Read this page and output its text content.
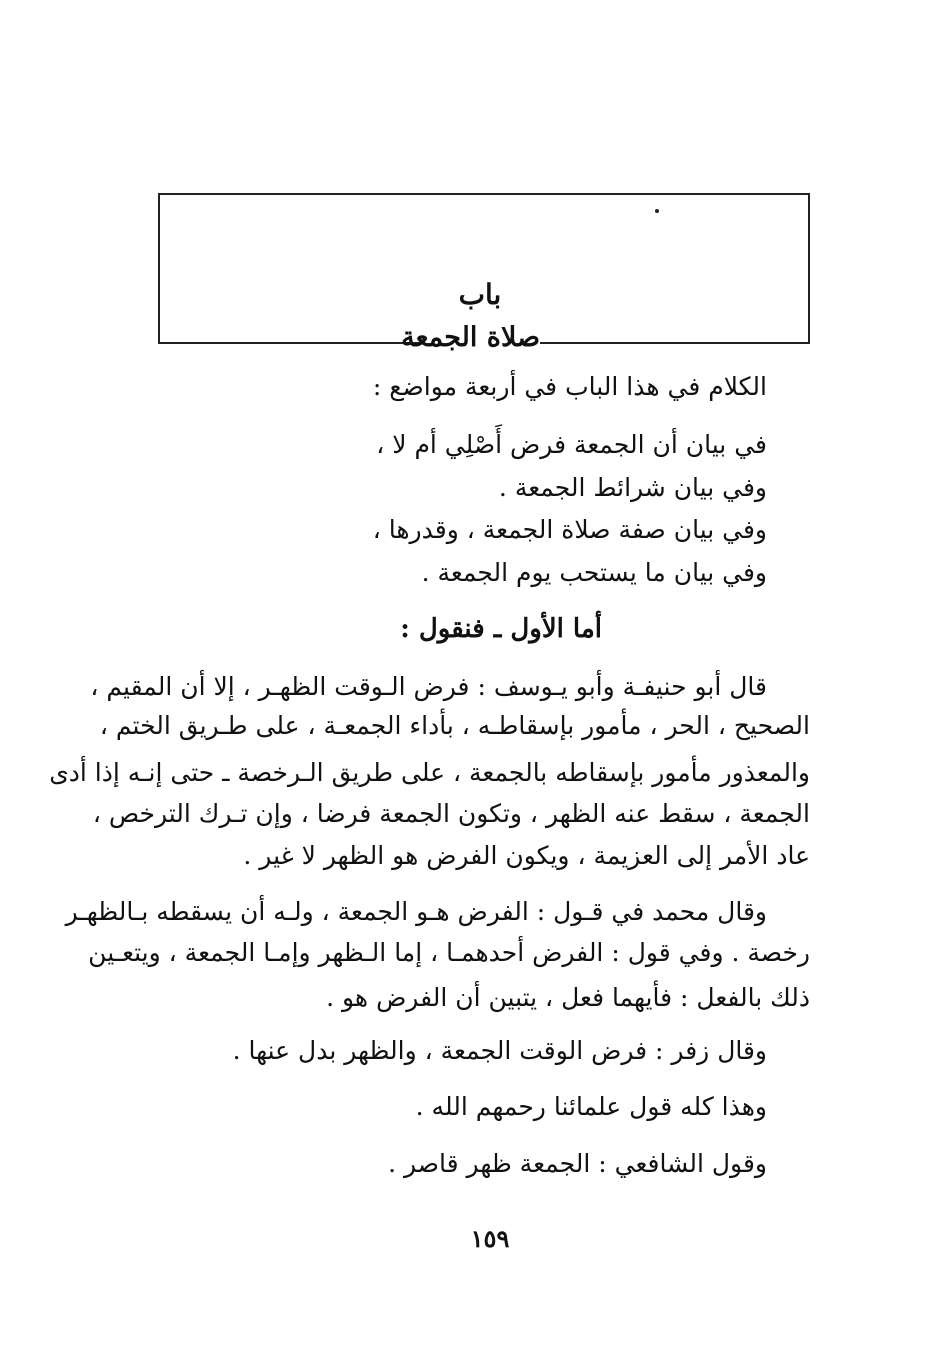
باب
صلاة الجمعة
الكلام في هذا الباب في أربعة مواضع :
في بيان أن الجمعة فرض أَصْلِي أم لا ،
وفي بيان شرائط الجمعة .
وفي بيان صفة صلاة الجمعة ، وقدرها ،
وفي بيان ما يستحب يوم الجمعة .
أما الأول ـ فنقول :
قال أبو حنيفـة وأبو يـوسف : فرض الـوقت الظهـر ، إلا أن المقيم ،
الصحيح ، الحر ، مأمور بإسقاطـه ، بأداء الجمعـة ، على طـريق الختم ،
والمعذور مأمور بإسقاطه بالجمعة ، على طريق الـرخصة ـ حتى إنـه إذا أدى
الجمعة ، سقط عنه الظهر ، وتكون الجمعة فرضا ، وإن تـرك الترخص ،
عاد الأمر إلى العزيمة ، ويكون الفرض هو الظهر لا غير .
وقال محمد في قـول : الفرض هـو الجمعة ، ولـه أن يسقطه بـالظهـر
رخصة . وفي قول : الفرض أحدهمـا ، إما الـظهر وإمـا الجمعة ، ويتعـين
ذلك بالفعل : فأيهما فعل ، يتبين أن الفرض هو .
وقال زفر : فرض الوقت الجمعة ، والظهر بدل عنها .
وهذا كله قول علمائنا رحمهم الله .
وقول الشافعي : الجمعة ظهر قاصر .
١٥٩
